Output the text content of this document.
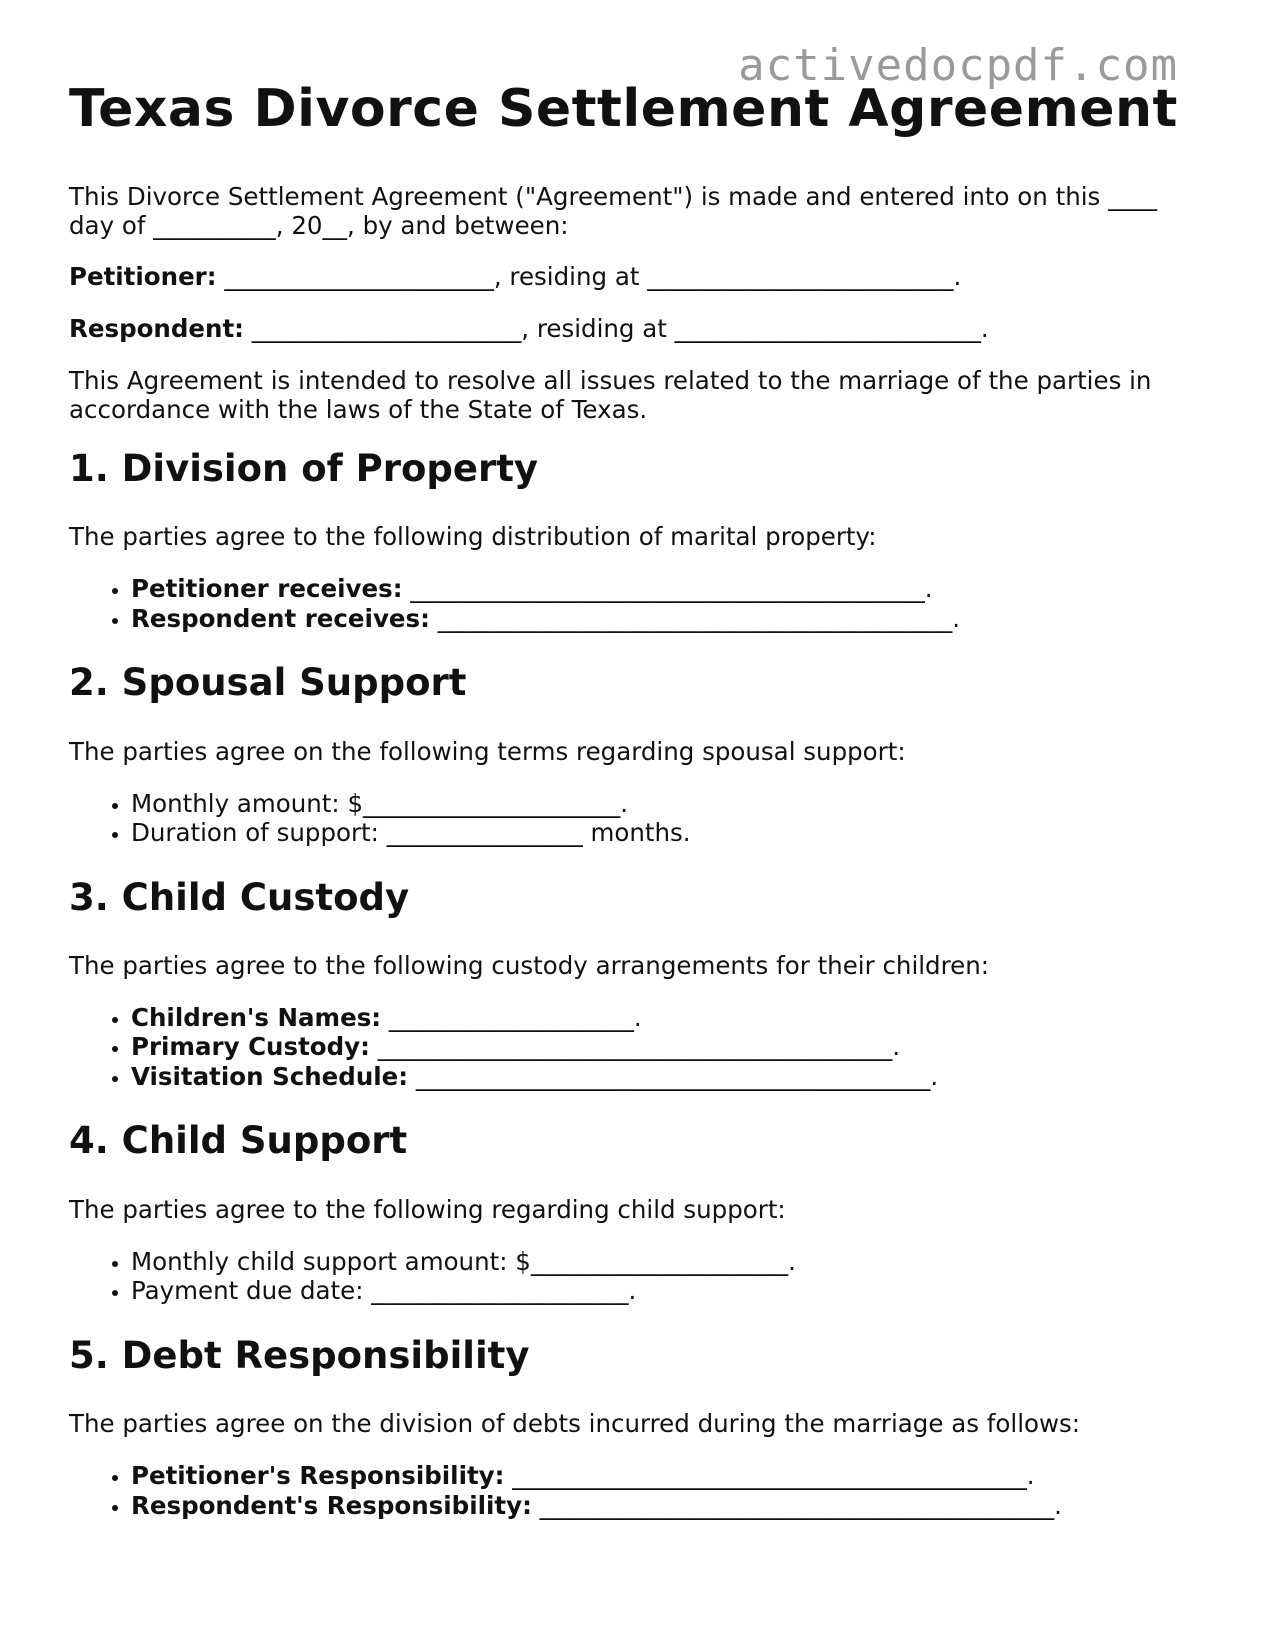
activedocpdf.com
Texas Divorce Settlement Agreement

This Divorce Settlement Agreement ("Agreement") is made and entered into on this ____ day of __________, 20__, by and between:

Petitioner: ______________________, residing at _________________________.

Respondent: ______________________, residing at _________________________.

This Agreement is intended to resolve all issues related to the marriage of the parties in accordance with the laws of the State of Texas.

1. Division of Property

The parties agree to the following distribution of marital property:

• Petitioner receives: __________________________________________.
• Respondent receives: __________________________________________.
2. Spousal Support

The parties agree on the following terms regarding spousal support:

• Monthly amount: $_____________________.
• Duration of support: ________________ months.
3. Child Custody

The parties agree to the following custody arrangements for their children:

• Children's Names: ____________________.
• Primary Custody: __________________________________________.
• Visitation Schedule: __________________________________________.
4. Child Support

The parties agree to the following regarding child support:

• Monthly child support amount: $_____________________.
• Payment due date: _____________________.
5. Debt Responsibility

The parties agree on the division of debts incurred during the marriage as follows:

• Petitioner's Responsibility: __________________________________________.
• Respondent's Responsibility: __________________________________________.
